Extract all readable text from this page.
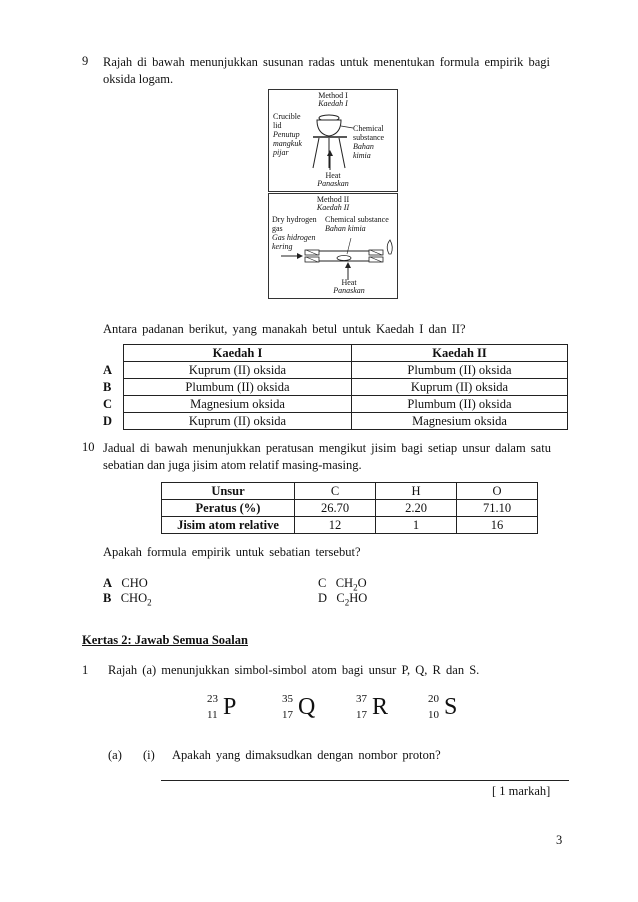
9 Rajah di bawah menunjukkan susunan radas untuk menentukan formula empirik bagi
oksida logam.
Method I
Kaedah I
Crucible
lid
Penutup
mangkuk
pijar
Chemical
substance
Bahan
kimia
Heat
Panaskan
Method II
Kaedah II
Dry hydrogen
gas
Gas hidrogen
kering
Chemical substance
Bahan kimia
Heat
Panaskan
Antara padanan berikut, yang manakah betul untuk Kaedah I dan II?
	Kaedah I	Kaedah II
A	Kuprum (II) oksida	Plumbum (II) oksida
B	Plumbum (II) oksida	Kuprum (II) oksida
C	Magnesium oksida	Plumbum (II) oksida
D	Kuprum (II) oksida	Magnesium oksida
10 Jadual di bawah menunjukkan peratusan mengikut jisim bagi setiap unsur dalam satu
sebatian dan juga jisim atom relatif masing-masing.
Unsur	C	H	O
Peratus (%)	26.70	2.20	71.10
Jisim atom relative	12	1	16
Apakah formula empirik untuk sebatian tersebut?
A CHO
B $CHO_2$
C $CH_2O$
D $C_2HO$
Kertas 2: Jawab Semua Soalan
1 Rajah (a) menunjukkan simbol-simbol atom bagi unsur P, Q, R dan S.
23
11 P	35
17 Q	37
17 R	20
10 S
(a) (i) Apakah yang dimaksudkan dengan nombor proton?
[ 1 markah]
3
